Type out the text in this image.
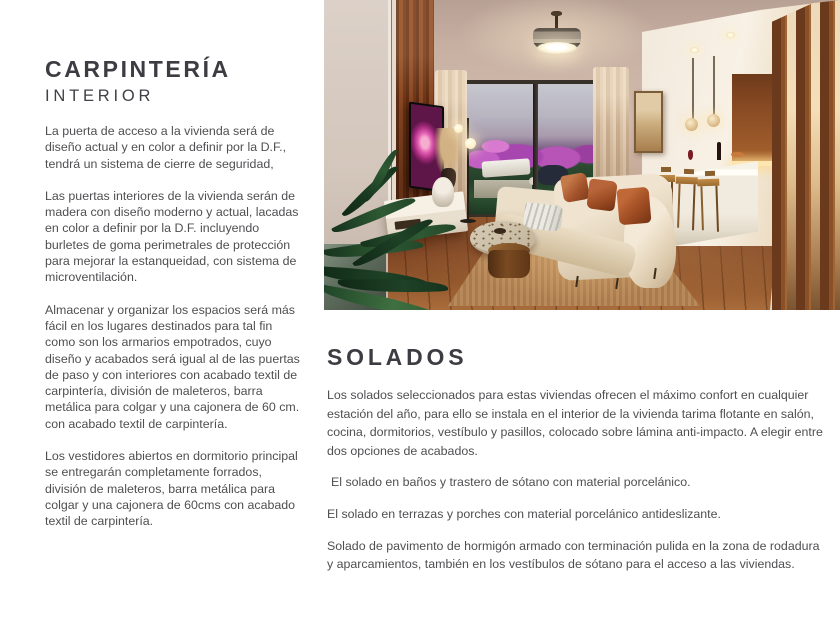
CARPINTERÍA
INTERIOR

La puerta de acceso a la vivienda será de diseño actual y en color a definir por la D.F., tendrá un sistema de cierre de seguridad,

Las puertas interiores de la vivienda serán de madera con diseño moderno y actual, lacadas en color a definir por la D.F. incluyendo burletes de goma perimetrales de protección para mejorar la estanqueidad, con sistema de microventilación.

Almacenar y organizar los espacios será más fácil en los lugares destinados para tal fin como son los armarios empotrados, cuyo diseño y acabados será igual al de las puertas de paso y con interiores con acabado textil de carpintería, división de maleteros, barra metálica para colgar y una cajonera de 60 cm. con acabado textil de carpintería.

Los vestidores abiertos en dormitorio principal se entregarán completamente forrados, división de maleteros, barra metálica para colgar y una cajonera de 60cms con acabado textil de carpintería.

SOLADOS

Los solados seleccionados para estas viviendas ofrecen el máximo confort en cualquier estación del año, para ello se instala en el interior de la vivienda tarima flotante en salón, cocina, dormitorios, vestíbulo y pasillos, colocado sobre lámina anti-impacto. A elegir entre dos opciones de acabados.

El solado en baños y trastero de sótano con material porcelánico.

El solado en terrazas y porches con material porcelánico antideslizante.

Solado de pavimento de hormigón armado con terminación pulida en la zona de rodadura y aparcamientos, también en los vestíbulos de sótano para el acceso a las viviendas.
